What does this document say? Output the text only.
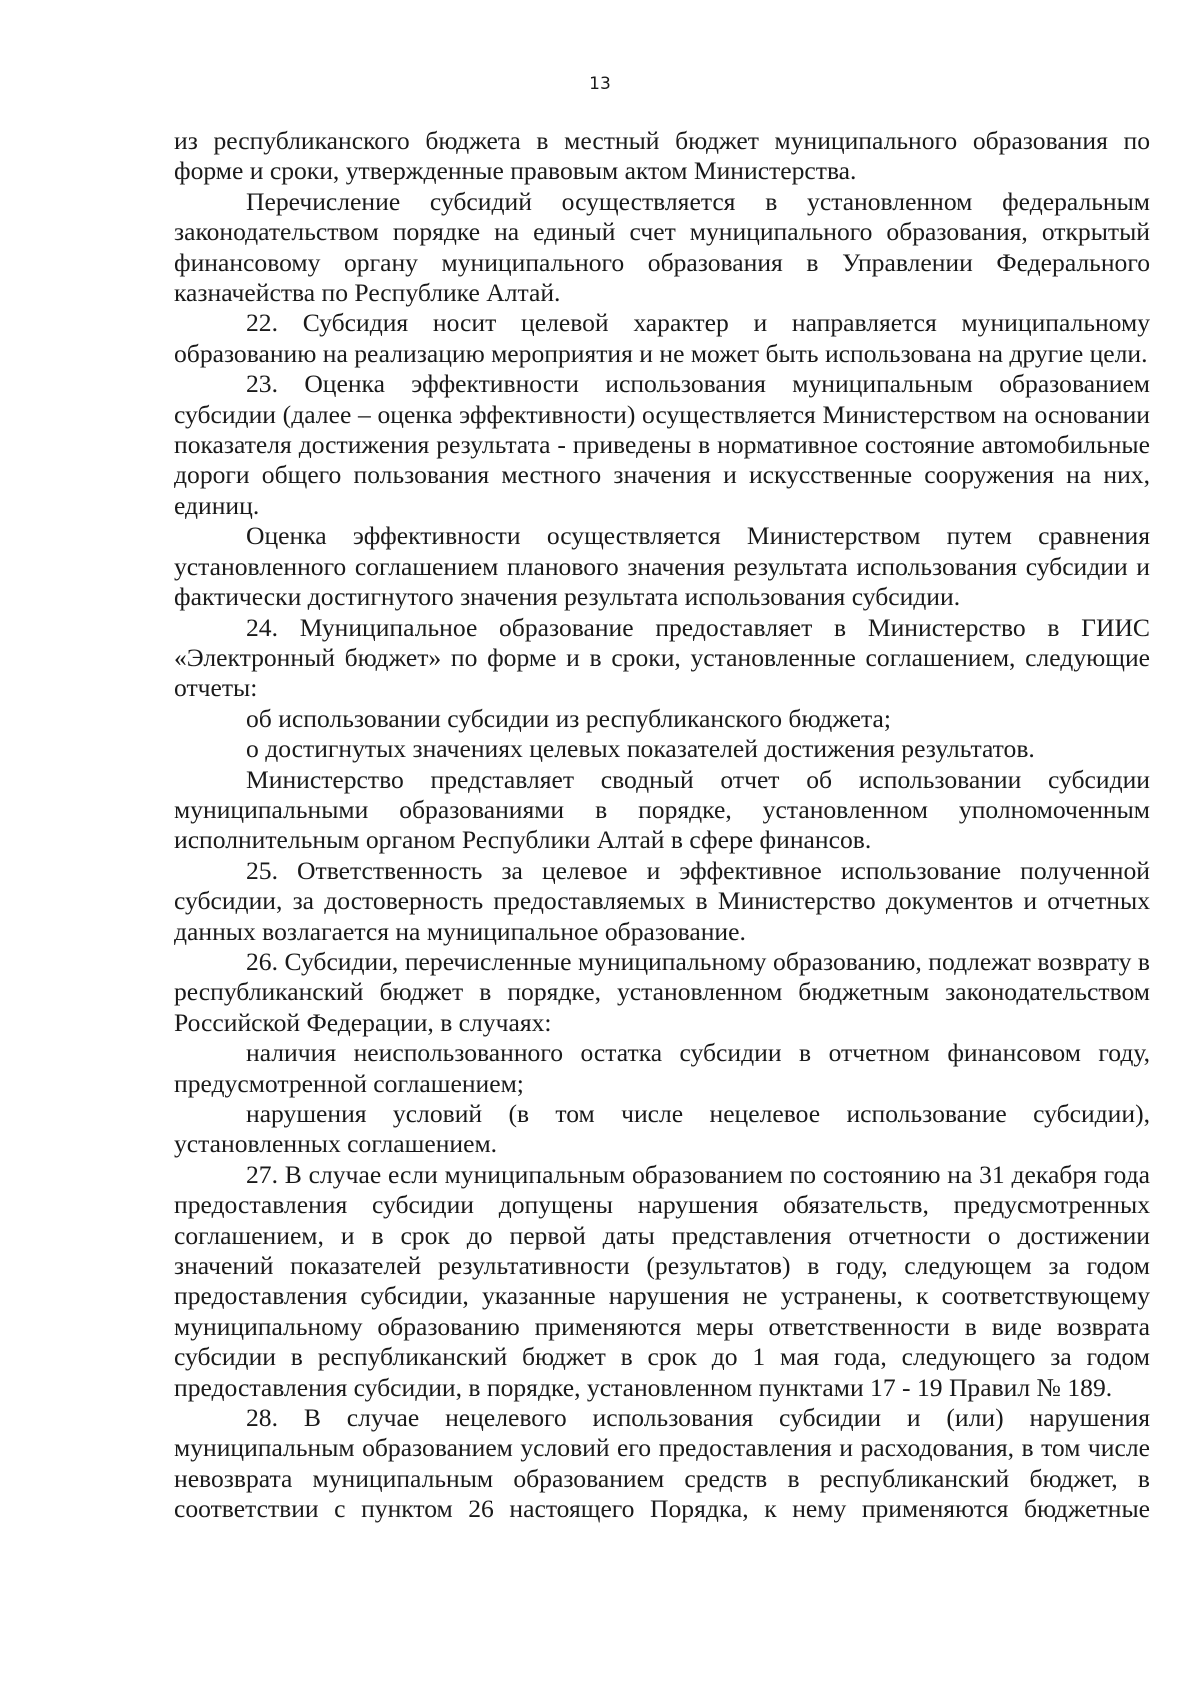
13

из республиканского бюджета в местный бюджет муниципального образования по форме и сроки, утвержденные правовым актом Министерства.

Перечисление субсидий осуществляется в установленном федеральным законодательством порядке на единый счет муниципального образования, открытый финансовому органу муниципального образования в Управлении Федерального казначейства по Республике Алтай.

22. Субсидия носит целевой характер и направляется муниципальному образованию на реализацию мероприятия и не может быть использована на другие цели.

23. Оценка эффективности использования муниципальным образованием субсидии (далее – оценка эффективности) осуществляется Министерством на основании показателя достижения результата - приведены в нормативное состояние автомобильные дороги общего пользования местного значения и искусственные сооружения на них, единиц.

Оценка эффективности осуществляется Министерством путем сравнения установленного соглашением планового значения результата использования субсидии и фактически достигнутого значения результата использования субсидии.

24. Муниципальное образование предоставляет в Министерство в ГИИС «Электронный бюджет» по форме и в сроки, установленные соглашением, следующие отчеты:

об использовании субсидии из республиканского бюджета;

о достигнутых значениях целевых показателей достижения результатов.

Министерство представляет сводный отчет об использовании субсидии муниципальными образованиями в порядке, установленном уполномоченным исполнительным органом Республики Алтай в сфере финансов.

25. Ответственность за целевое и эффективное использование полученной субсидии, за достоверность предоставляемых в Министерство документов и отчетных данных возлагается на муниципальное образование.

26. Субсидии, перечисленные муниципальному образованию, подлежат возврату в республиканский бюджет в порядке, установленном бюджетным законодательством Российской Федерации, в случаях:

наличия неиспользованного остатка субсидии в отчетном финансовом году, предусмотренной соглашением;

нарушения условий (в том числе нецелевое использование субсидии), установленных соглашением.

27. В случае если муниципальным образованием по состоянию на 31 декабря года предоставления субсидии допущены нарушения обязательств, предусмотренных соглашением, и в срок до первой даты представления отчетности о достижении значений показателей результативности (результатов) в году, следующем за годом предоставления субсидии, указанные нарушения не устранены, к соответствующему муниципальному образованию применяются меры ответственности в виде возврата субсидии в республиканский бюджет в срок до 1 мая года, следующего за годом предоставления субсидии, в порядке, установленном пунктами 17 - 19 Правил № 189.

28. В случае нецелевого использования субсидии и (или) нарушения муниципальным образованием условий его предоставления и расходования, в том числе невозврата муниципальным образованием средств в республиканский бюджет, в соответствии с пунктом 26 настоящего Порядка, к нему применяются бюджетные
